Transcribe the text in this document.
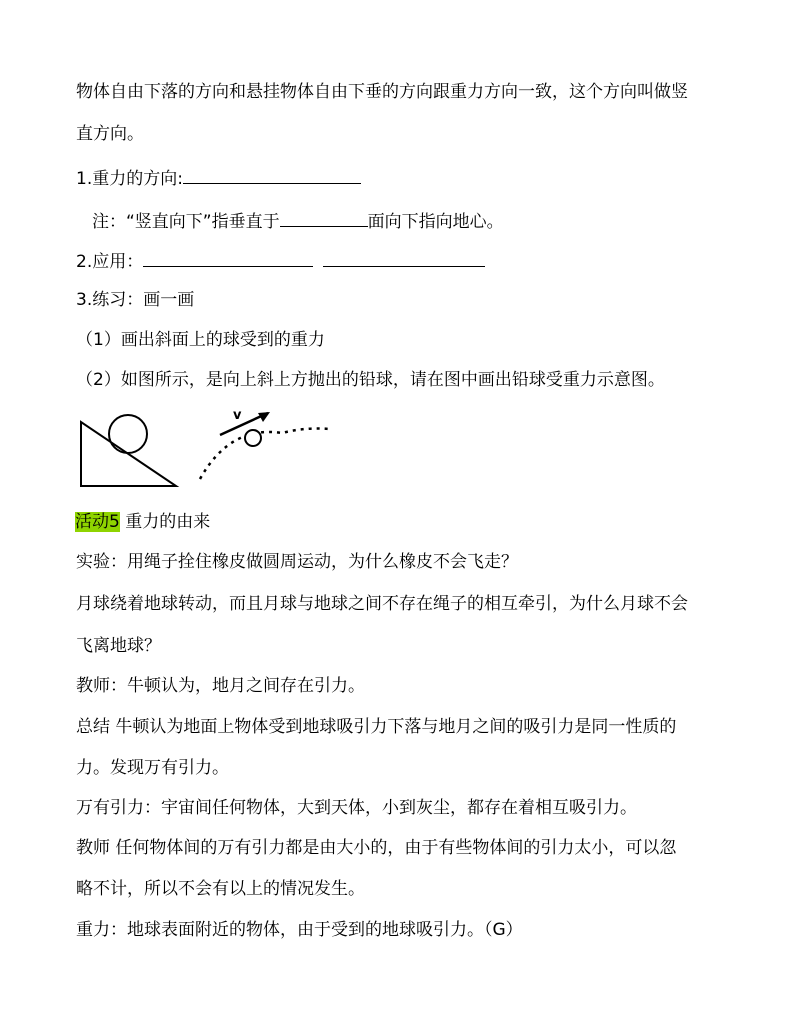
物体自由下落的方向和悬挂物体自由下垂的方向跟重力方向一致，这个方向叫做竖
直方向。
1.重力的方向:
注：“竖直向下”指垂直于	面向下指向地心。
2.应用：
3.练习：画一画
（1）画出斜面上的球受到的重力
（2）如图所示，是向上斜上方抛出的铅球，请在图中画出铅球受重力示意图。
v
活动5 重力的由来
实验：用绳子拴住橡皮做圆周运动，为什么橡皮不会飞走？
月球绕着地球转动，而且月球与地球之间不存在绳子的相互牵引，为什么月球不会
飞离地球？
教师：牛顿认为，地月之间存在引力。
总结 牛顿认为地面上物体受到地球吸引力下落与地月之间的吸引力是同一性质的
力。发现万有引力。
万有引力：宇宙间任何物体，大到天体，小到灰尘，都存在着相互吸引力。
教师 任何物体间的万有引力都是由大小的，由于有些物体间的引力太小，可以忽
略不计，所以不会有以上的情况发生。
重力：地球表面附近的物体，由于受到的地球吸引力。（G）
